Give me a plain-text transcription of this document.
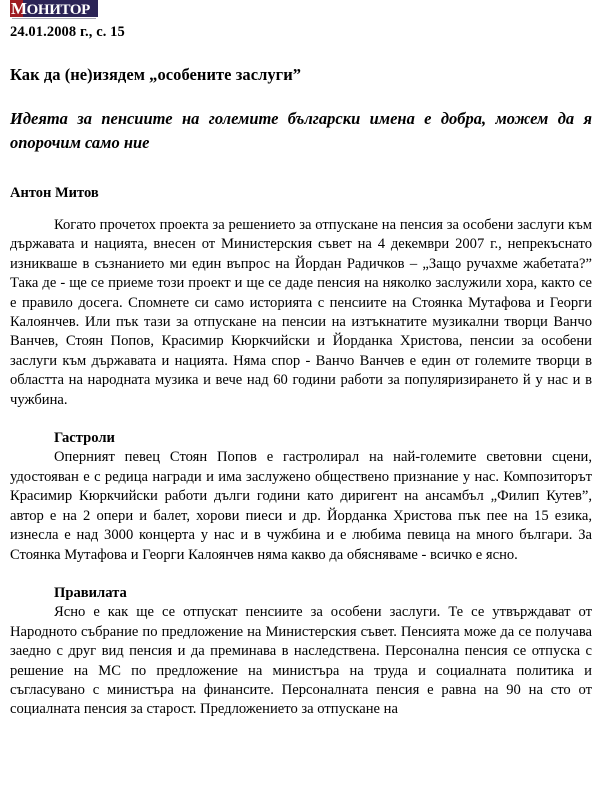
МОНИТОР
24.01.2008 г., с. 15
Как да (не)изядем „особените заслуги”
Идеята за пенсиите на големите български имена е добра, можем да я опорочим само ние
Антон Митов

Когато прочетох проекта за решението за отпускане на пенсия за особени заслуги към държавата и нацията, внесен от Министерския съвет на 4 декември 2007 г., непрекъснато изникваше в съзнанието ми един въпрос на Йордан Радичков – „Защо ручахме жабетата?” Така де - ще се приеме този проект и ще се даде пенсия на няколко заслужили хора, както се е правило досега. Спомнете си само историята с пенсиите на Стоянка Мутафова и Георги Калоянчев. Или пък тази за отпускане на пенсии на изтъкнатите музикални творци Ванчо Ванчев, Стоян Попов, Красимир Кюркчийски и Йорданка Христова, пенсии за особени заслуги към държавата и нацията. Няма спор - Ванчо Ванчев е един от големите творци в областта на народната музика и вече над 60 години работи за популяризирането й у нас и в чужбина.

Гастроли

Оперният певец Стоян Попов е гастролирал на най-големите световни сцени, удостояван е с редица награди и има заслужено обществено признание у нас. Композиторът Красимир Кюркчийски работи дълги години като диригент на ансамбъл „Филип Кутев”, автор е на 2 опери и балет, хорови пиеси и др. Йорданка Христова пък пее на 15 езика, изнесла е над 3000 концерта у нас и в чужбина и е любима певица на много българи. За Стоянка Мутафова и Георги Калоянчев няма какво да обясняваме - всичко е ясно.

Правилата

Ясно е как ще се отпускат пенсиите за особени заслуги. Те се утвърждават от Народното събрание по предложение на Министерския съвет. Пенсията може да се получава заедно с друг вид пенсия и да преминава в наследствена. Персонална пенсия се отпуска с решение на МС по предложение на министъра на труда и социалната политика и съгласувано с министъра на финансите. Персоналната пенсия е равна на 90 на сто от социалната пенсия за старост. Предложението за отпускане на
